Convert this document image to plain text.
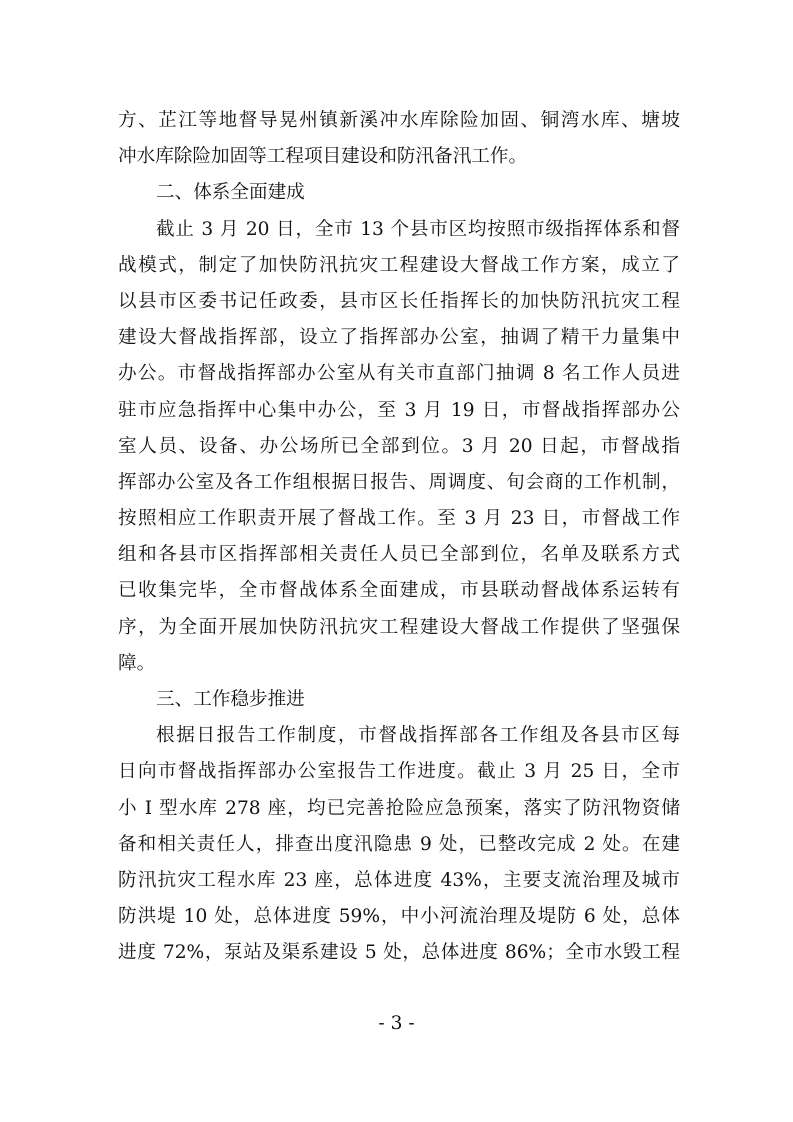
方、芷江等地督导晃州镇新溪冲水库除险加固、铜湾水库、塘坡
冲水库除险加固等工程项目建设和防汛备汛工作。
二、体系全面建成
截止 3 月 20 日，全市 13 个县市区均按照市级指挥体系和督
战模式，制定了加快防汛抗灾工程建设大督战工作方案，成立了
以县市区委书记任政委，县市区长任指挥长的加快防汛抗灾工程
建设大督战指挥部，设立了指挥部办公室，抽调了精干力量集中
办公。市督战指挥部办公室从有关市直部门抽调 8 名工作人员进
驻市应急指挥中心集中办公，至 3 月 19 日，市督战指挥部办公
室人员、设备、办公场所已全部到位。3 月 20 日起，市督战指
挥部办公室及各工作组根据日报告、周调度、旬会商的工作机制，
按照相应工作职责开展了督战工作。至 3 月 23 日，市督战工作
组和各县市区指挥部相关责任人员已全部到位，名单及联系方式
已收集完毕，全市督战体系全面建成，市县联动督战体系运转有
序，为全面开展加快防汛抗灾工程建设大督战工作提供了坚强保
障。
三、工作稳步推进
根据日报告工作制度，市督战指挥部各工作组及各县市区每
日向市督战指挥部办公室报告工作进度。截止 3 月 25 日，全市
小 I 型水库 278 座，均已完善抢险应急预案，落实了防汛物资储
备和相关责任人，排查出度汛隐患 9 处，已整改完成 2 处。在建
防汛抗灾工程水库 23 座，总体进度 43%，主要支流治理及城市
防洪堤 10 处，总体进度 59%，中小河流治理及堤防 6 处，总体
进度 72%，泵站及渠系建设 5 处，总体进度 86%；全市水毁工程
- 3 -
